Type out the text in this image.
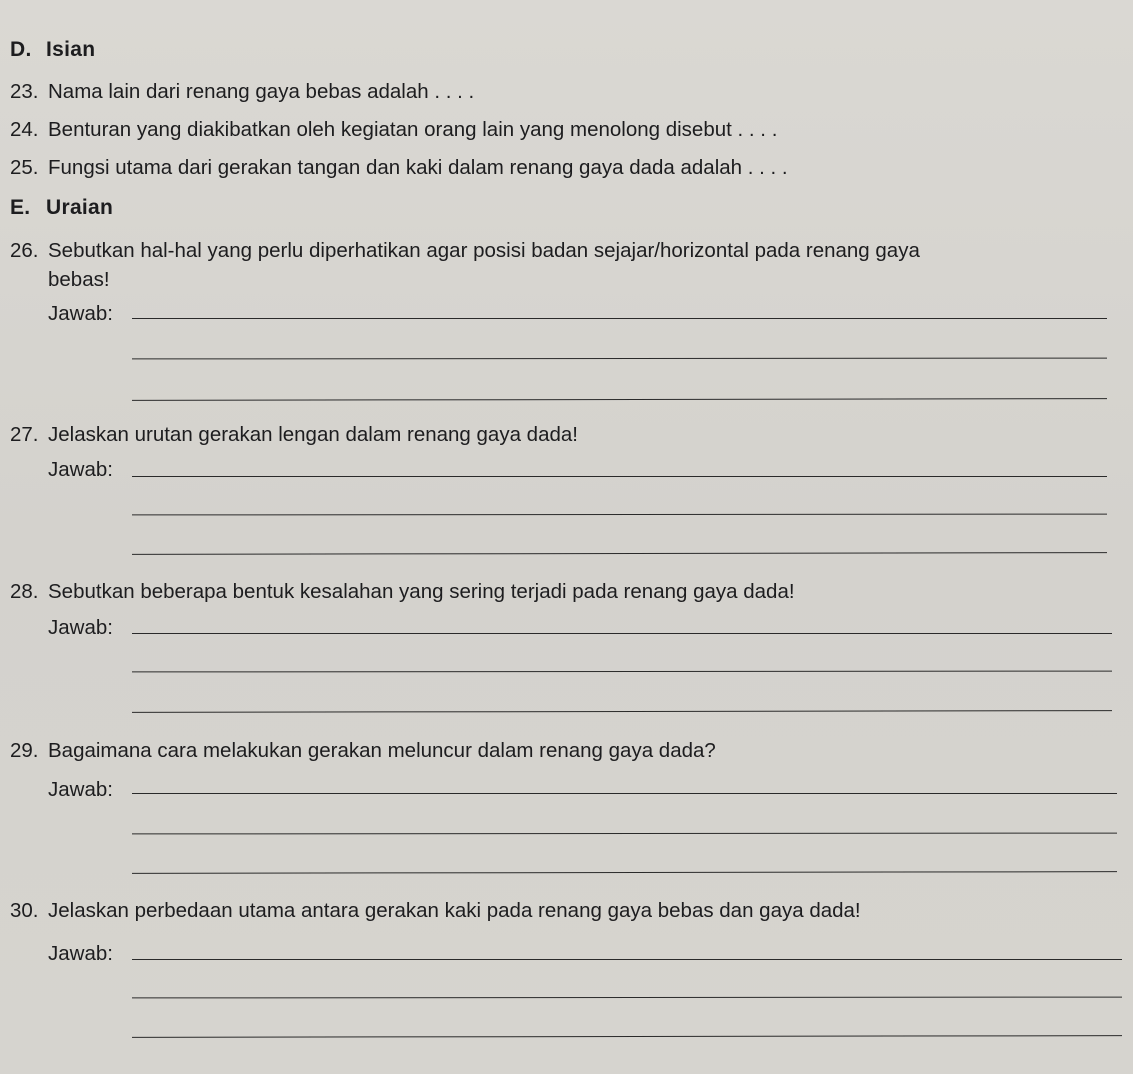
D. Isian
23. Nama lain dari renang gaya bebas adalah . . . .
24. Benturan yang diakibatkan oleh kegiatan orang lain yang menolong disebut . . . .
25. Fungsi utama dari gerakan tangan dan kaki dalam renang gaya dada adalah . . . .
E. Uraian
26. Sebutkan hal-hal yang perlu diperhatikan agar posisi badan sejajar/horizontal pada renang gaya
bebas!
Jawab:
27. Jelaskan urutan gerakan lengan dalam renang gaya dada!
Jawab:
28. Sebutkan beberapa bentuk kesalahan yang sering terjadi pada renang gaya dada!
Jawab:
29. Bagaimana cara melakukan gerakan meluncur dalam renang gaya dada?
Jawab:
30. Jelaskan perbedaan utama antara gerakan kaki pada renang gaya bebas dan gaya dada!
Jawab:
